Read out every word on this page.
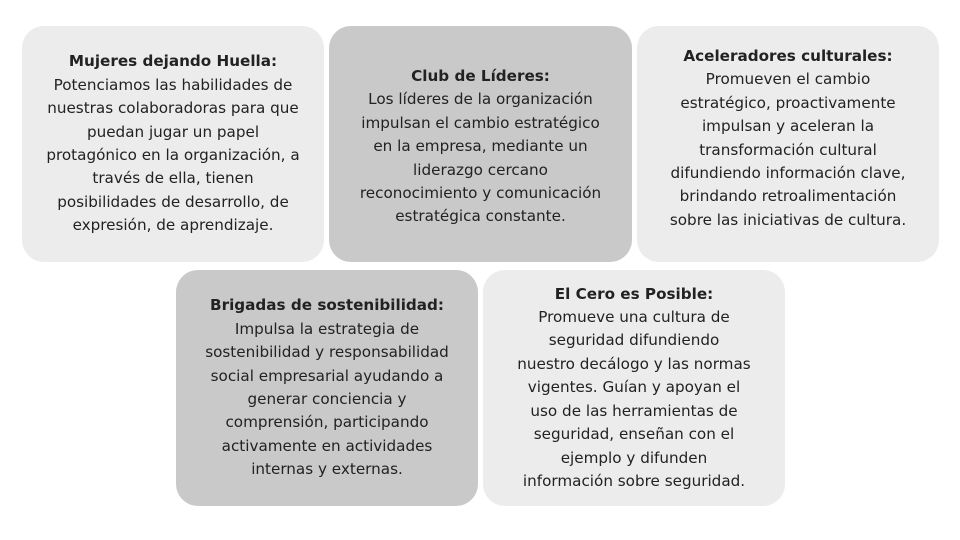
Mujeres dejando Huella:
Potenciamos las habilidades de
nuestras colaboradoras para que
puedan jugar un papel
protagónico en la organización, a
través de ella, tienen
posibilidades de desarrollo, de
expresión, de aprendizaje.
Club de Líderes:
Los líderes de la organización
impulsan el cambio estratégico
en la empresa, mediante un
liderazgo cercano
reconocimiento y comunicación
estratégica constante.
Aceleradores culturales:
Promueven el cambio
estratégico, proactivamente
impulsan y aceleran la
transformación cultural
difundiendo información clave,
brindando retroalimentación
sobre las iniciativas de cultura.
Brigadas de sostenibilidad:
Impulsa la estrategia de
sostenibilidad y responsabilidad
social empresarial ayudando a
generar conciencia y
comprensión, participando
activamente en actividades
internas y externas.
El Cero es Posible:
Promueve una cultura de
seguridad difundiendo
nuestro decálogo y las normas
vigentes. Guían y apoyan el
uso de las herramientas de
seguridad, enseñan con el
ejemplo y difunden
información sobre seguridad.
